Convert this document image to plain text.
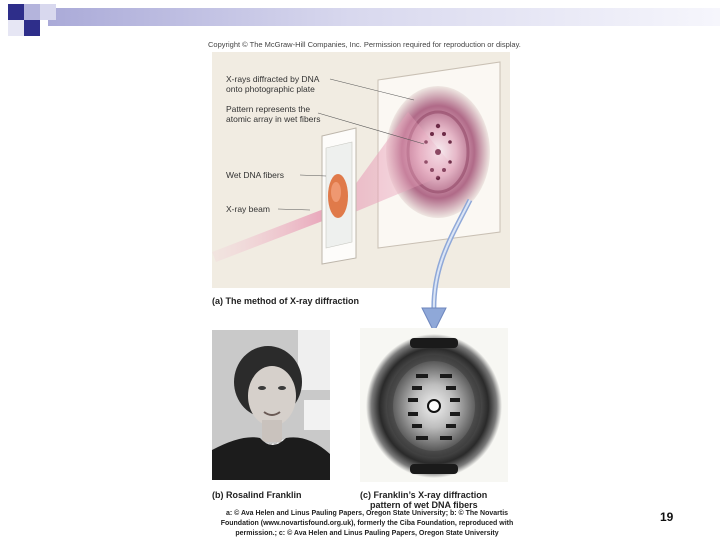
Copyright © The McGraw-Hill Companies, Inc. Permission required for reproduction or display.
X-rays diffracted by DNA
onto photographic plate
Pattern represents the
atomic array in wet fibers
Wet DNA fibers
X-ray beam
(a) The method of X-ray diffraction
(b) Rosalind Franklin	(c) Franklin’s X-ray diffraction
pattern of wet DNA fibers
a: © Ava Helen and Linus Pauling Papers, Oregon State University; b: © The Novartis
Foundation (www.novartisfound.org.uk), formerly the Ciba Foundation, reproduced with
permission.; c: © Ava Helen and Linus Pauling Papers, Oregon State University
19
